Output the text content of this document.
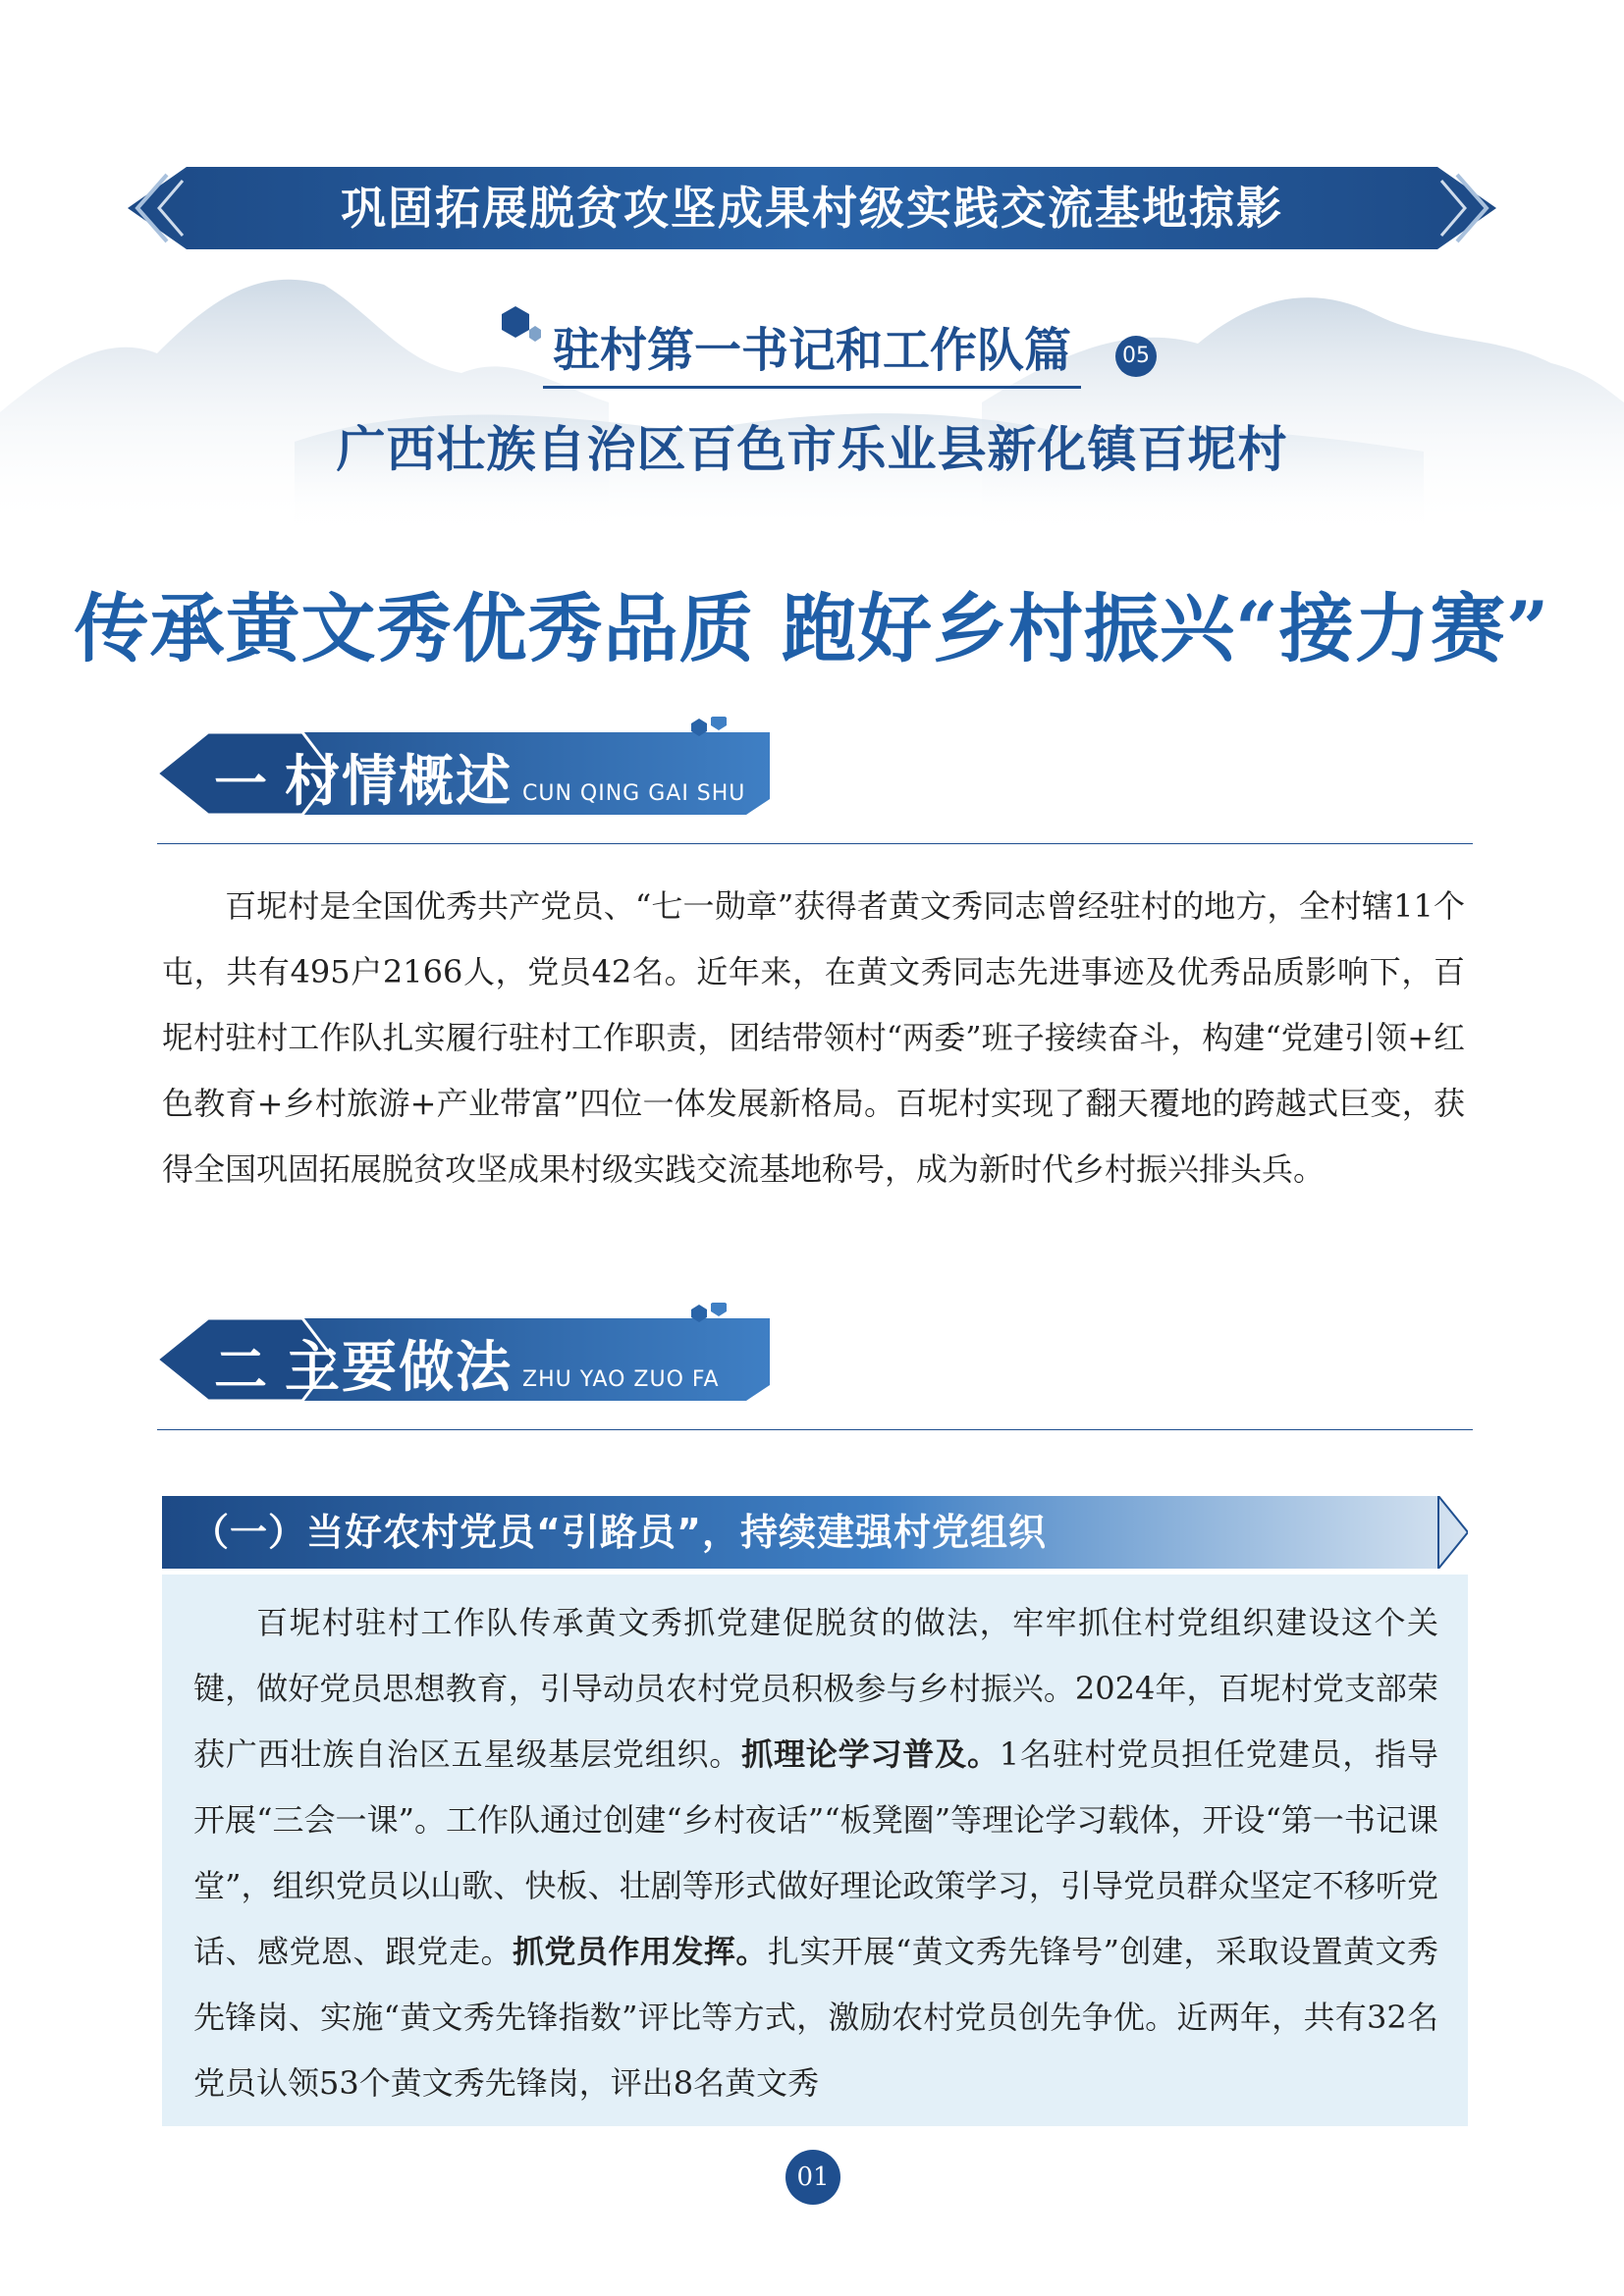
巩固拓展脱贫攻坚成果村级实践交流基地掠影
驻村第一书记和工作队篇	05
广西壮族自治区百色市乐业县新化镇百坭村
传承黄文秀优秀品质 跑好乡村振兴“接力赛”
一 村情概述 CUN QING GAI SHU

百坭村是全国优秀共产党员、“七一勋章”获得者黄文秀同志曾经驻村的地方，全村辖11个屯，共有495户2166人，党员42名。近年来，在黄文秀同志先进事迹及优秀品质影响下，百坭村驻村工作队扎实履行驻村工作职责，团结带领村“两委”班子接续奋斗，构建“党建引领+红色教育+乡村旅游+产业带富”四位一体发展新格局。百坭村实现了翻天覆地的跨越式巨变，获得全国巩固拓展脱贫攻坚成果村级实践交流基地称号，成为新时代乡村振兴排头兵。

二 主要做法 ZHU YAO ZUO FA
（一）当好农村党员“引路员”，持续建强村党组织

百坭村驻村工作队传承黄文秀抓党建促脱贫的做法，牢牢抓住村党组织建设这个关键，做好党员思想教育，引导动员农村党员积极参与乡村振兴。2024年，百坭村党支部荣获广西壮族自治区五星级基层党组织。抓理论学习普及。1名驻村党员担任党建员，指导开展“三会一课”。工作队通过创建“乡村夜话”“板凳圈”等理论学习载体，开设“第一书记课堂”，组织党员以山歌、快板、壮剧等形式做好理论政策学习，引导党员群众坚定不移听党话、感党恩、跟党走。抓党员作用发挥。扎实开展“黄文秀先锋号”创建，采取设置黄文秀先锋岗、实施“黄文秀先锋指数”评比等方式，激励农村党员创先争优。近两年，共有32名党员认领53个黄文秀先锋岗，评出8名黄文秀

01
